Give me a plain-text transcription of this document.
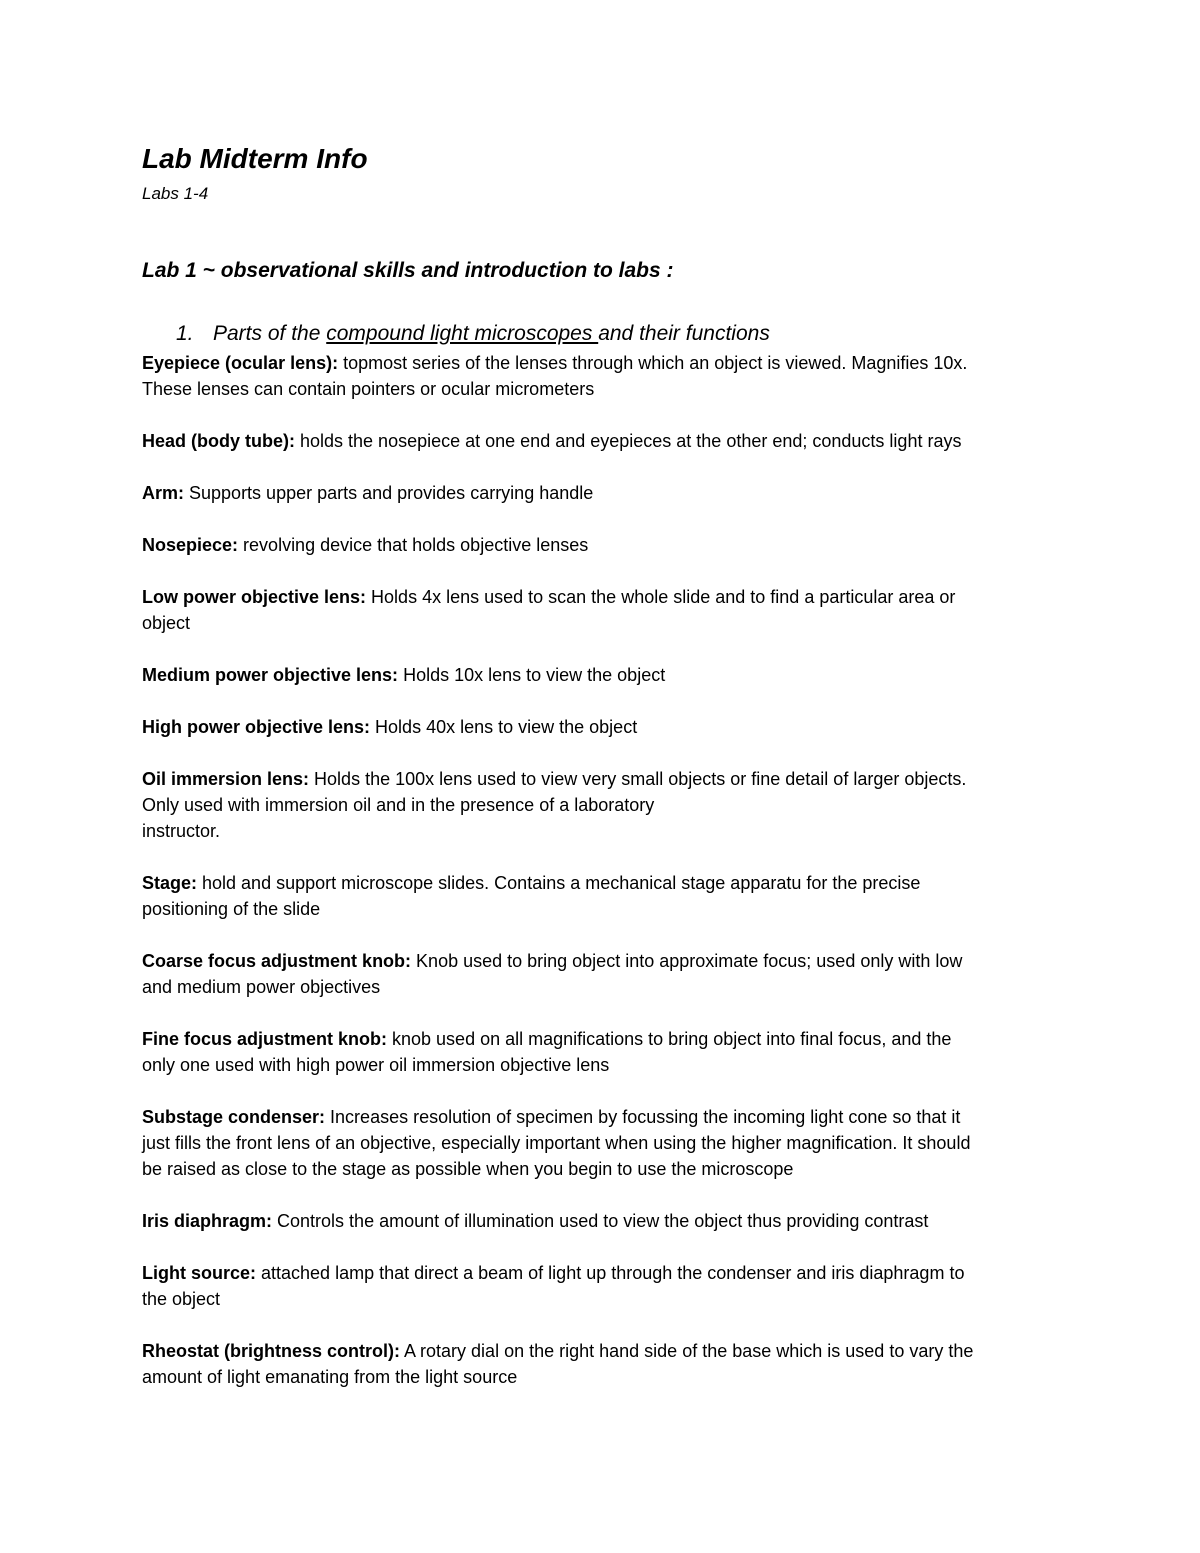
Lab Midterm Info
Labs 1-4
Lab 1 ~ observational skills and introduction to labs :
1. Parts of the compound light microscopes and their functions
Eyepiece (ocular lens): topmost series of the lenses through which an object is viewed. Magnifies 10x.
These lenses can contain pointers or ocular micrometers
Head (body tube): holds the nosepiece at one end and eyepieces at the other end; conducts light rays
Arm: Supports upper parts and provides carrying handle
Nosepiece: revolving device that holds objective lenses
Low power objective lens: Holds 4x lens used to scan the whole slide and to find a particular area or
object
Medium power objective lens: Holds 10x lens to view the object
High power objective lens: Holds 40x lens to view the object
Oil immersion lens: Holds the 100x lens used to view very small objects or fine detail of larger objects.
Only used with immersion oil and in the presence of a laboratory
instructor.
Stage: hold and support microscope slides. Contains a mechanical stage apparatu for the precise
positioning of the slide
Coarse focus adjustment knob: Knob used to bring object into approximate focus; used only with low
and medium power objectives
Fine focus adjustment knob: knob used on all magnifications to bring object into final focus, and the
only one used with high power oil immersion objective lens
Substage condenser: Increases resolution of specimen by focussing the incoming light cone so that it
just fills the front lens of an objective, especially important when using the higher magnification. It should
be raised as close to the stage as possible when you begin to use the microscope
Iris diaphragm: Controls the amount of illumination used to view the object thus providing contrast
Light source: attached lamp that direct a beam of light up through the condenser and iris diaphragm to
the object
Rheostat (brightness control): A rotary dial on the right hand side of the base which is used to vary the
amount of light emanating from the light source
